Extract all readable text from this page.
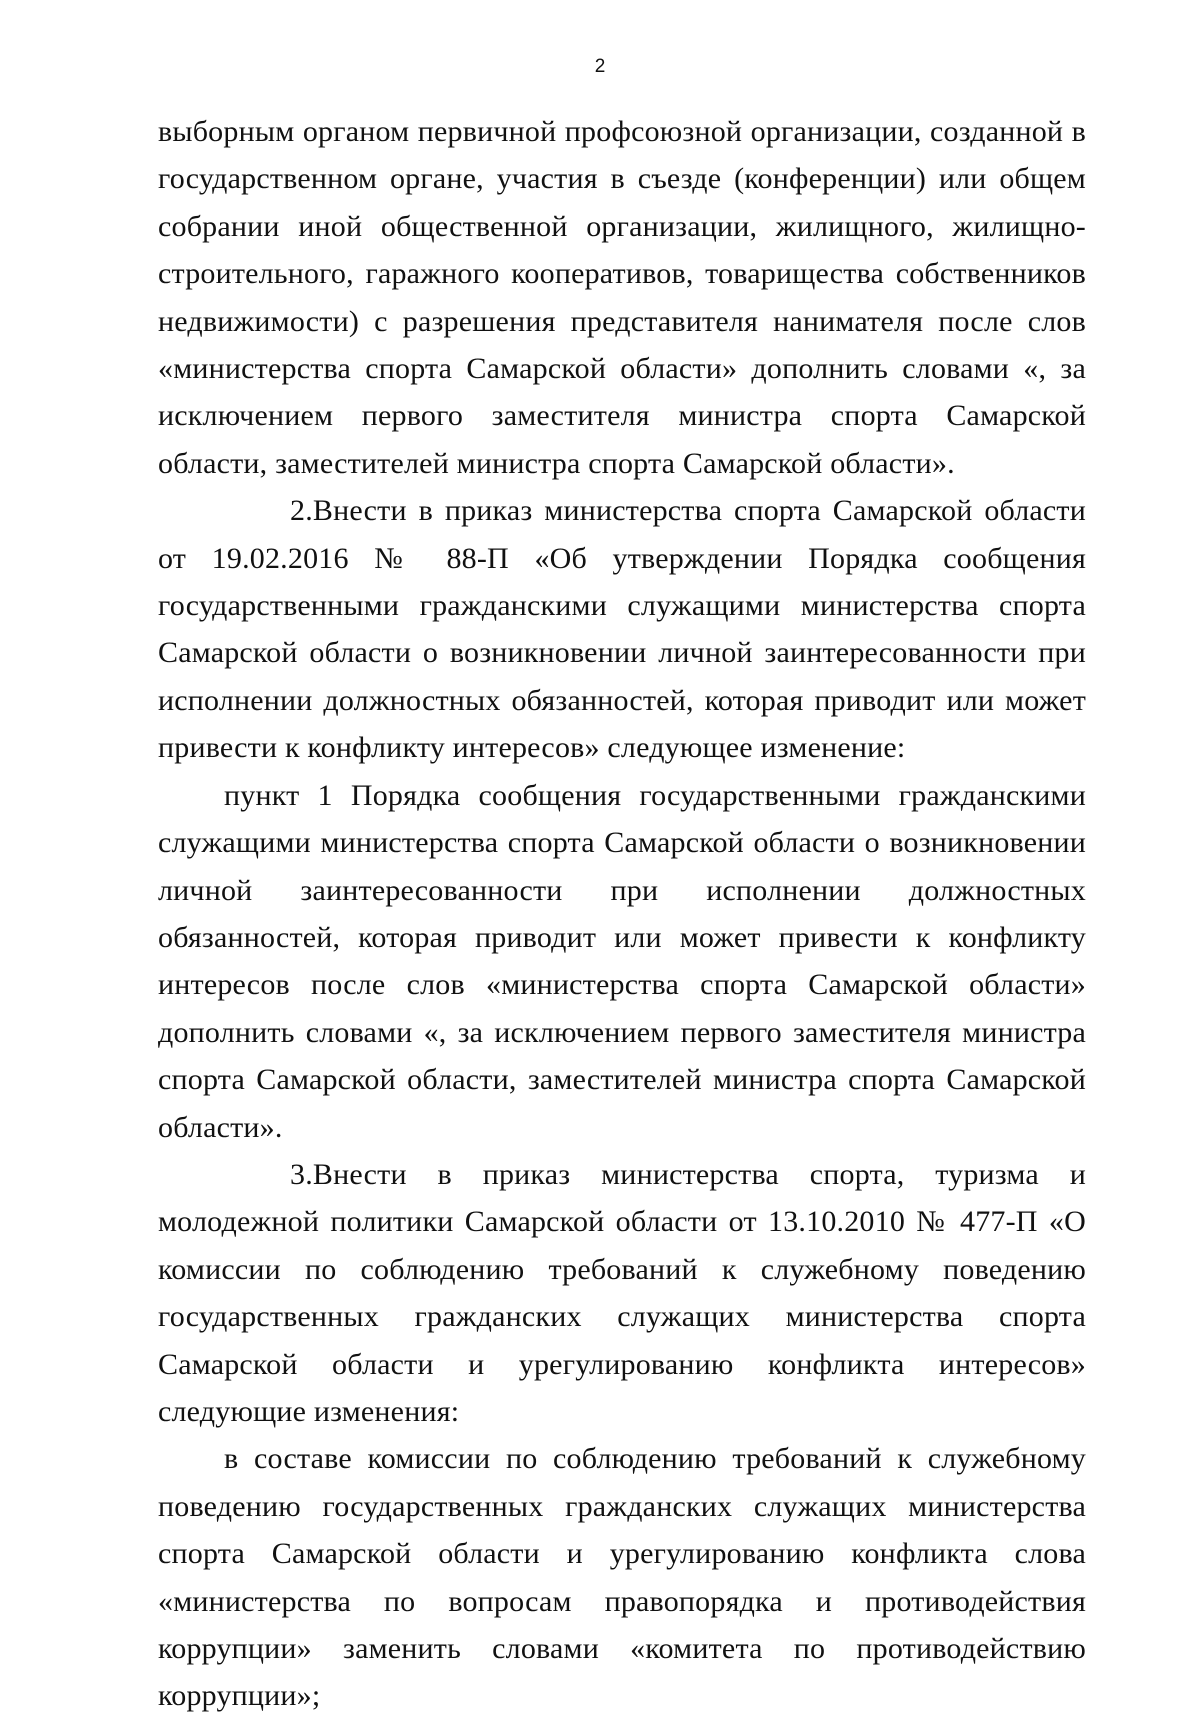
2

выборным органом первичной профсоюзной организации, созданной в государственном органе, участия в съезде (конференции) или общем собрании иной общественной организации, жилищного, жилищно-строительного, гаражного кооперативов, товарищества собственников недвижимости) с разрешения представителя нанимателя после слов «министерства спорта Самарской области» дополнить словами «, за исключением первого заместителя министра спорта Самарской области, заместителей министра спорта Самарской области».

2.Внести в приказ министерства спорта Самарской области от 19.02.2016 № 88-П «Об утверждении Порядка сообщения государственными гражданскими служащими министерства спорта Самарской области о возникновении личной заинтересованности при исполнении должностных обязанностей, которая приводит или может привести к конфликту интересов» следующее изменение:

пункт 1 Порядка сообщения государственными гражданскими служащими министерства спорта Самарской области о возникновении личной заинтересованности при исполнении должностных обязанностей, которая приводит или может привести к конфликту интересов после слов «министерства спорта Самарской области» дополнить словами «, за исключением первого заместителя министра спорта Самарской области, заместителей министра спорта Самарской области».

3.Внести в приказ министерства спорта, туризма и молодежной политики Самарской области от 13.10.2010 № 477-П «О комиссии по соблюдению требований к служебному поведению государственных гражданских служащих министерства спорта Самарской области и урегулированию конфликта интересов» следующие изменения:

в составе комиссии по соблюдению требований к служебному поведению государственных гражданских служащих министерства спорта Самарской области и урегулированию конфликта слова «министерства по вопросам правопорядка и противодействия коррупции» заменить словами «комитета по противодействию коррупции»;
